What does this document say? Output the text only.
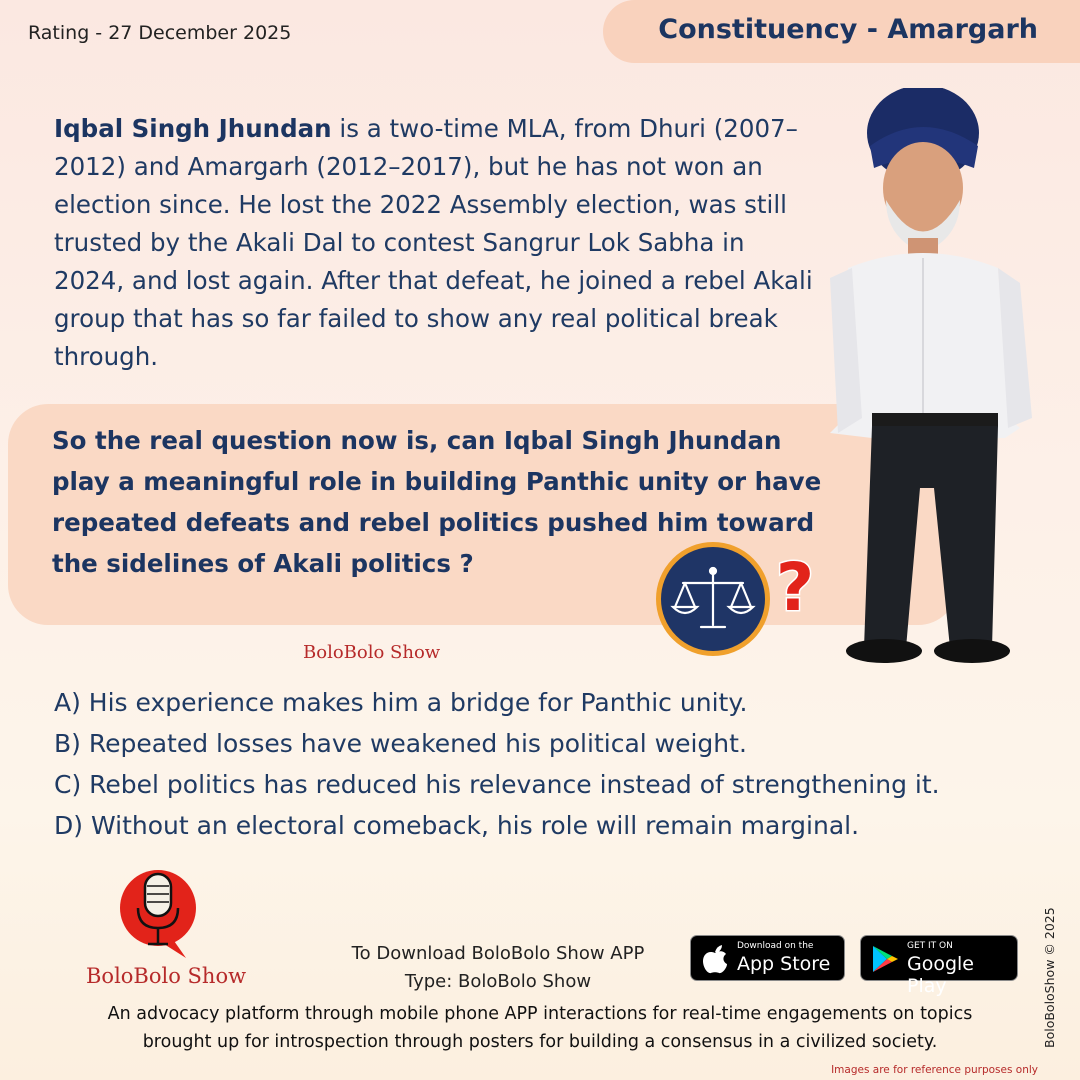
Rating - 27 December 2025	Constituency - Amargarh

Iqbal Singh Jhundan is a two-time MLA, from Dhuri (2007–2012) and Amargarh (2012–2017), but he has not won an election since. He lost the 2022 Assembly election, was still trusted by the Akali Dal to contest Sangrur Lok Sabha in 2024, and lost again. After that defeat, he joined a rebel Akali group that has so far failed to show any real political break through.

So the real question now is, can Iqbal Singh Jhundan play a meaningful role in building Panthic unity or have repeated defeats and rebel politics pushed him toward the sidelines of Akali politics ?	?
BoloBolo Show
A) His experience makes him a bridge for Panthic unity.
B) Repeated losses have weakened his political weight.
C) Rebel politics has reduced his relevance instead of strengthening it.
D) Without an electoral comeback, his role will remain marginal.
BoloBolo Show
To Download BoloBolo Show APP
Type: BoloBolo Show
Download on the
App Store
GET IT ON
Google Play

An advocacy platform through mobile phone APP interactions for real-time engagements on topics
brought up for introspection through posters for building a consensus in a civilized society.	BoloBoloShow © 2025
Images are for reference purposes only
